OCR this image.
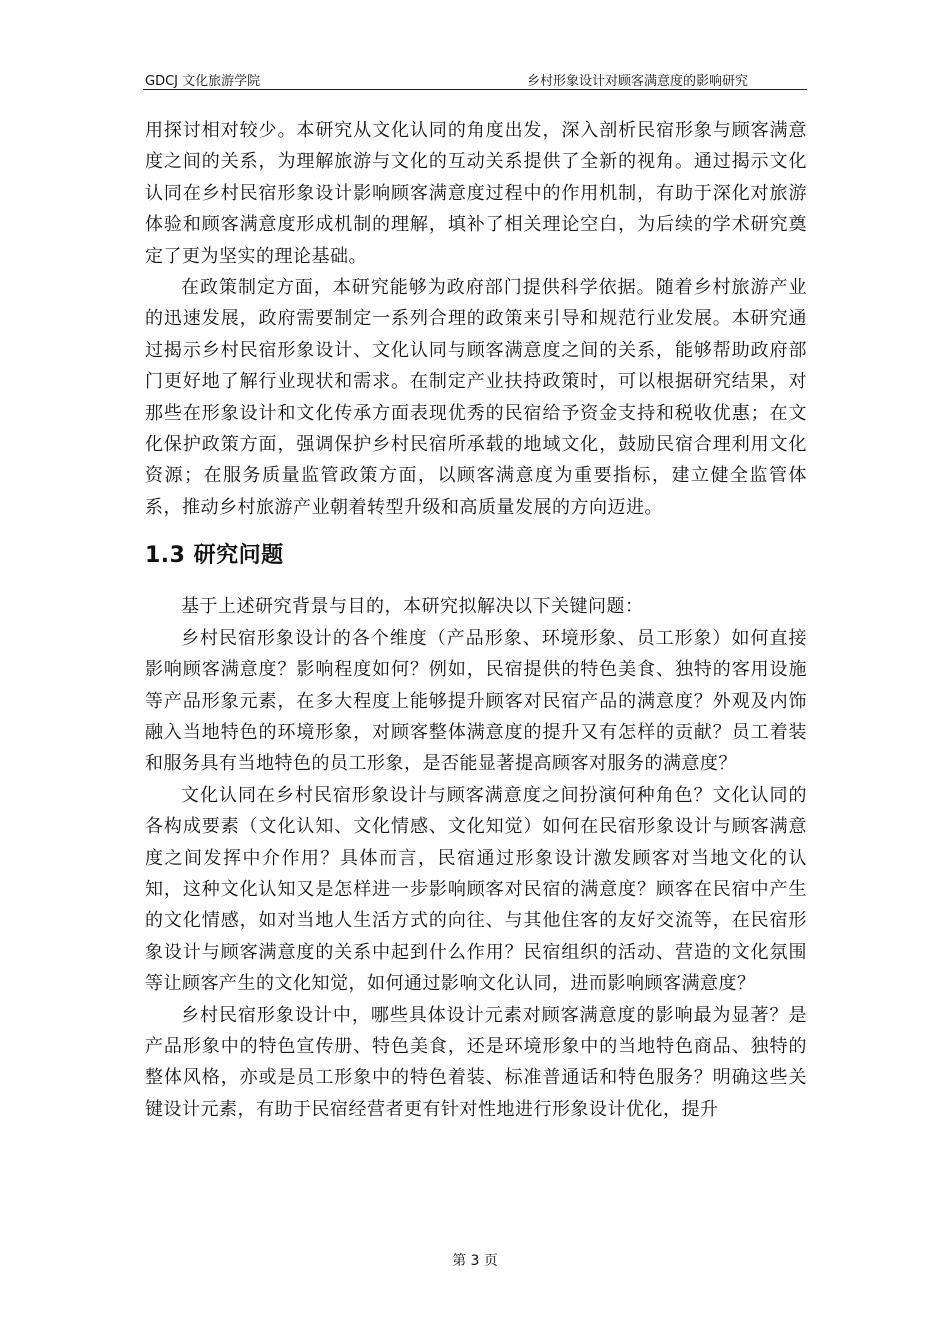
GDCJ 文化旅游学院	乡村形象设计对顾客满意度的影响研究

用探讨相对较少。本研究从文化认同的角度出发，深入剖析民宿形象与顾客满意度之间的关系，为理解旅游与文化的互动关系提供了全新的视角。通过揭示文化认同在乡村民宿形象设计影响顾客满意度过程中的作用机制，有助于深化对旅游体验和顾客满意度形成机制的理解，填补了相关理论空白，为后续的学术研究奠定了更为坚实的理论基础。

在政策制定方面，本研究能够为政府部门提供科学依据。随着乡村旅游产业的迅速发展，政府需要制定一系列合理的政策来引导和规范行业发展。本研究通过揭示乡村民宿形象设计、文化认同与顾客满意度之间的关系，能够帮助政府部门更好地了解行业现状和需求。在制定产业扶持政策时，可以根据研究结果，对那些在形象设计和文化传承方面表现优秀的民宿给予资金支持和税收优惠；在文化保护政策方面，强调保护乡村民宿所承载的地域文化，鼓励民宿合理利用文化资源；在服务质量监管政策方面，以顾客满意度为重要指标，建立健全监管体系，推动乡村旅游产业朝着转型升级和高质量发展的方向迈进。

1.3 研究问题

基于上述研究背景与目的，本研究拟解决以下关键问题：

乡村民宿形象设计的各个维度（产品形象、环境形象、员工形象）如何直接影响顾客满意度？影响程度如何？例如，民宿提供的特色美食、独特的客用设施等产品形象元素，在多大程度上能够提升顾客对民宿产品的满意度？外观及内饰融入当地特色的环境形象，对顾客整体满意度的提升又有怎样的贡献？员工着装和服务具有当地特色的员工形象，是否能显著提高顾客对服务的满意度？

文化认同在乡村民宿形象设计与顾客满意度之间扮演何种角色？文化认同的各构成要素（文化认知、文化情感、文化知觉）如何在民宿形象设计与顾客满意度之间发挥中介作用？具体而言，民宿通过形象设计激发顾客对当地文化的认知，这种文化认知又是怎样进一步影响顾客对民宿的满意度？顾客在民宿中产生的文化情感，如对当地人生活方式的向往、与其他住客的友好交流等，在民宿形象设计与顾客满意度的关系中起到什么作用？民宿组织的活动、营造的文化氛围等让顾客产生的文化知觉，如何通过影响文化认同，进而影响顾客满意度？

乡村民宿形象设计中，哪些具体设计元素对顾客满意度的影响最为显著？是产品形象中的特色宣传册、特色美食，还是环境形象中的当地特色商品、独特的整体风格，亦或是员工形象中的特色着装、标准普通话和特色服务？明确这些关键设计元素，有助于民宿经营者更有针对性地进行形象设计优化，提升

第 3 页
